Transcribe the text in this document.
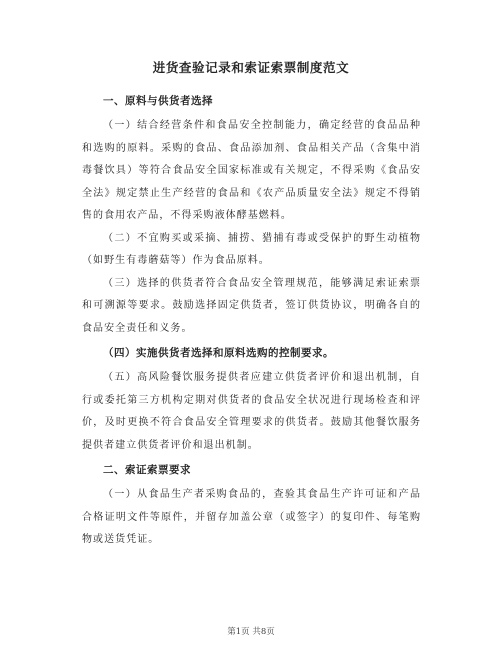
进货查验记录和索证索票制度范文
一、原料与供货者选择

（一）结合经营条件和食品安全控制能力，确定经营的食品品种和选购的原料。采购的食品、食品添加剂、食品相关产品（含集中消毒餐饮具）等符合食品安全国家标准或有关规定，不得采购《食品安全法》规定禁止生产经营的食品和《农产品质量安全法》规定不得销售的食用农产品，不得采购液体酵基燃料。

（二）不宜购买或采摘、捕捞、猎捕有毒或受保护的野生动植物（如野生有毒蘑菇等）作为食品原料。

（三）选择的供货者符合食品安全管理规范，能够满足索证索票和可溯源等要求。鼓励选择固定供货者，签订供货协议，明确各自的食品安全责任和义务。

（四）实施供货者选择和原料选购的控制要求。

（五）高风险餐饮服务提供者应建立供货者评价和退出机制，自行或委托第三方机构定期对供货者的食品安全状况进行现场检查和评价，及时更换不符合食品安全管理要求的供货者。鼓励其他餐饮服务提供者建立供货者评价和退出机制。

二、索证索票要求

（一）从食品生产者采购食品的，查验其食品生产许可证和产品合格证明文件等原件，并留存加盖公章（或签字）的复印件、每笔购物或送货凭证。

第1页 共8页
